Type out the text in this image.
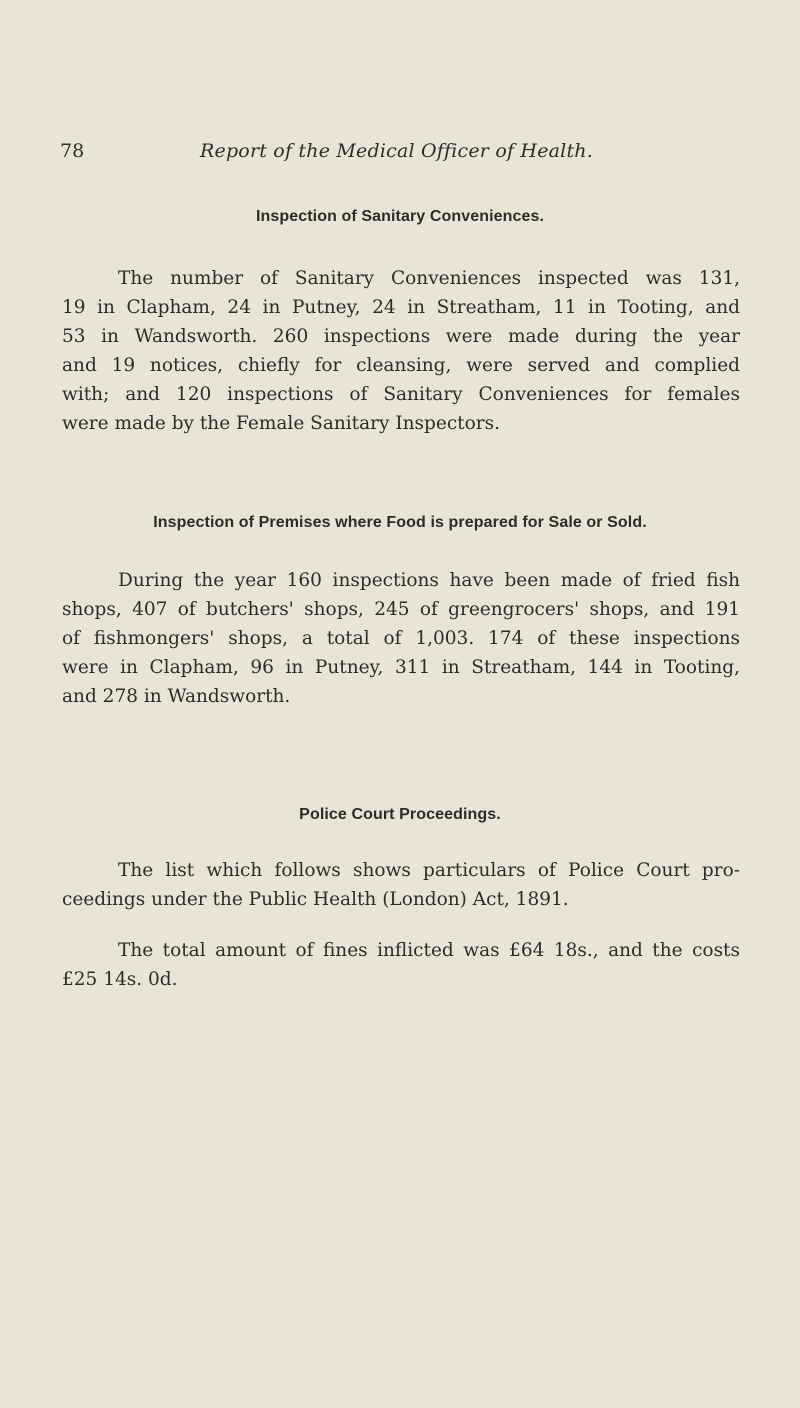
78	Report of the Medical Officer of Health.
Inspection of Sanitary Conveniences.
The number of Sanitary Conveniences inspected was 131,
19 in Clapham, 24 in Putney, 24 in Streatham, 11 in Tooting, and
53 in Wandsworth. 260 inspections were made during the year
and 19 notices, chiefly for cleansing, were served and complied
with; and 120 inspections of Sanitary Conveniences for females
were made by the Female Sanitary Inspectors.
Inspection of Premises where Food is prepared for Sale or Sold.
During the year 160 inspections have been made of fried fish
shops, 407 of butchers' shops, 245 of greengrocers' shops, and 191
of fishmongers' shops, a total of 1,003. 174 of these inspections
were in Clapham, 96 in Putney, 311 in Streatham, 144 in Tooting,
and 278 in Wandsworth.
Police Court Proceedings.
The list which follows shows particulars of Police Court pro-
ceedings under the Public Health (London) Act, 1891.
The total amount of fines inflicted was £64 18s., and the costs
£25 14s. 0d.
